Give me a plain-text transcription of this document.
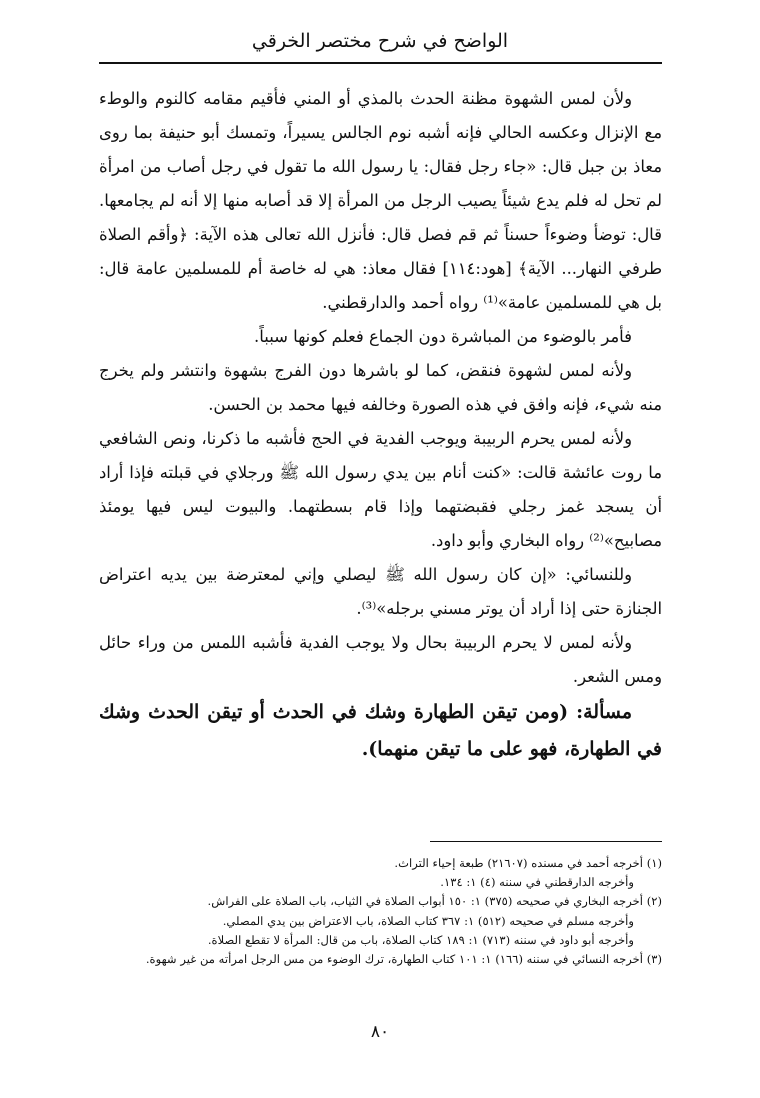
الواضح في شرح مختصر الخرقي

ولأن لمس الشهوة مظنة الحدث بالمذي أو المني فأقيم مقامه كالنوم والوطء مع الإنزال وعكسه الحالي فإنه أشبه نوم الجالس يسيراً، وتمسك أبو حنيفة بما روى معاذ بن جبل قال: «جاء رجل فقال: يا رسول الله ما تقول في رجل أصاب من امرأة لم تحل له فلم يدع شيئاً يصيب الرجل من المرأة إلا قد أصابه منها إلا أنه لم يجامعها. قال: توضأ وضوءاً حسناً ثم قم فصل قال: فأنزل الله تعالى هذه الآية: ﴿وأقم الصلاة طرفي النهار... الآية﴾ [هود:١١٤] فقال معاذ: هي له خاصة أم للمسلمين عامة قال: بل هي للمسلمين عامة»⁽¹⁾ رواه أحمد والدارقطني.

فأمر بالوضوء من المباشرة دون الجماع فعلم كونها سبباً.

ولأنه لمس لشهوة فنقض، كما لو باشرها دون الفرج بشهوة وانتشر ولم يخرج منه شيء، فإنه وافق في هذه الصورة وخالفه فيها محمد بن الحسن.

ولأنه لمس يحرم الربيبة ويوجب الفدية في الحج فأشبه ما ذكرنا، ونص الشافعي ما روت عائشة قالت: «كنت أنام بين يدي رسول الله ﷺ ورجلاي في قبلته فإذا أراد أن يسجد غمز رجلي فقبضتهما وإذا قام بسطتهما. والبيوت ليس فيها يومئذ مصابيح»⁽²⁾ رواه البخاري وأبو داود.

وللنسائي: «إن كان رسول الله ﷺ ليصلي وإني لمعترضة بين يديه اعتراض الجنازة حتى إذا أراد أن يوتر مسني برجله»⁽³⁾.

ولأنه لمس لا يحرم الربيبة بحال ولا يوجب الفدية فأشبه اللمس من وراء حائل ومس الشعر.

مسألة: (ومن تيقن الطهارة وشك في الحدث أو تيقن الحدث وشك في الطهارة، فهو على ما تيقن منهما).

(١) أخرجه أحمد في مسنده (٢١٦٠٧) طبعة إحياء التراث.

وأخرجه الدارقطني في سننه (٤) ١: ١٣٤.

(٢) أخرجه البخاري في صحيحه (٣٧٥) ١: ١٥٠ أبواب الصلاة في الثياب، باب الصلاة على الفراش.

وأخرجه مسلم في صحيحه (٥١٢) ١: ٣٦٧ كتاب الصلاة، باب الاعتراض بين يدي المصلي.

وأخرجه أبو داود في سننه (٧١٣) ١: ١٨٩ كتاب الصلاة، باب من قال: المرأة لا تقطع الصلاة.

(٣) أخرجه النسائي في سننه (١٦٦) ١: ١٠١ كتاب الطهارة، ترك الوضوء من مس الرجل امرأته من غير شهوة.

٨٠
